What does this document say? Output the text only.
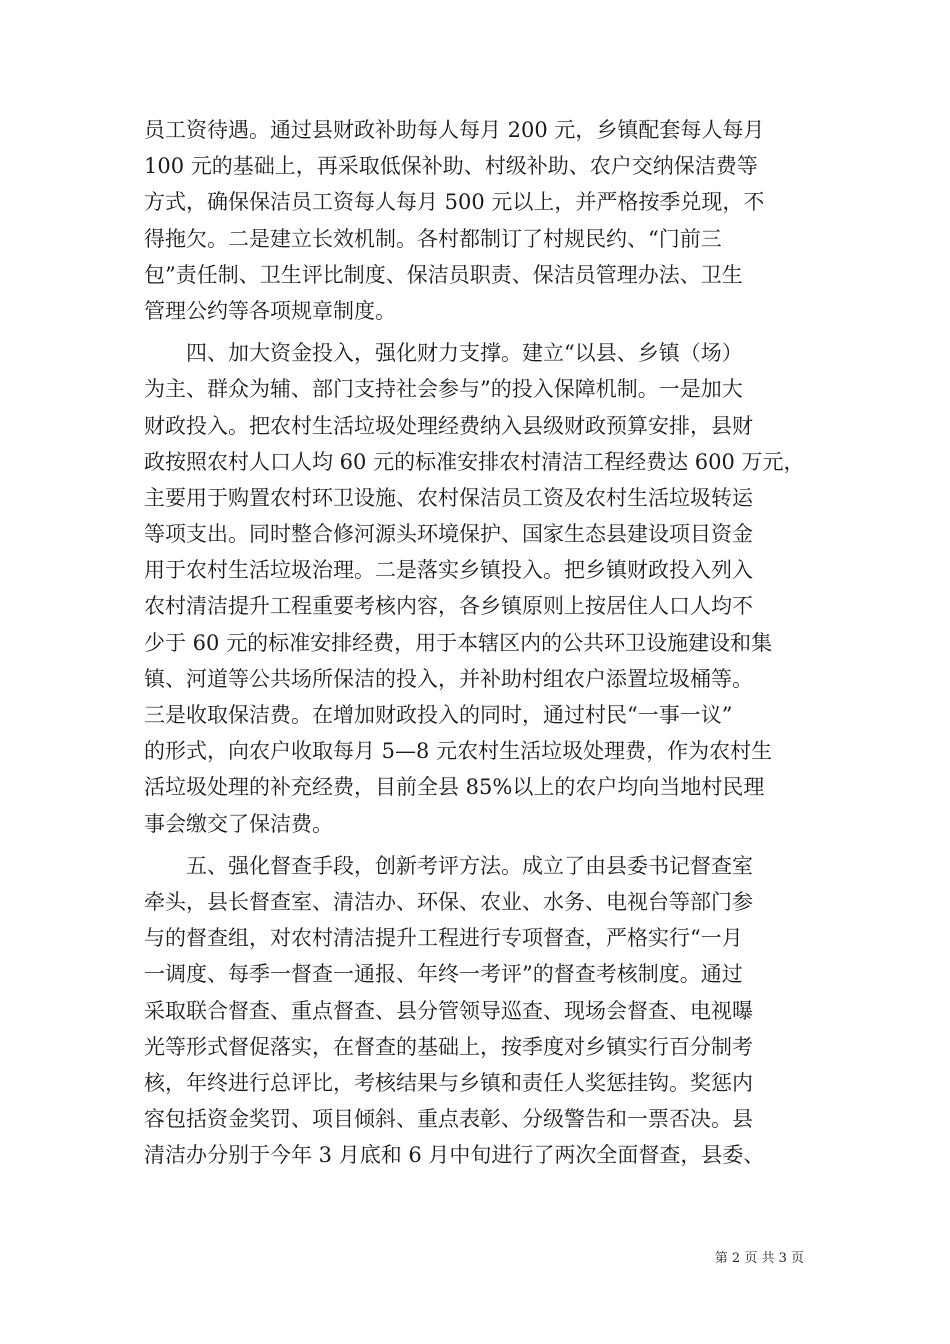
员工资待遇。通过县财政补助每人每月 200 元，乡镇配套每人每月
100 元的基础上，再采取低保补助、村级补助、农户交纳保洁费等
方式，确保保洁员工资每人每月 500 元以上，并严格按季兑现，不
得拖欠。二是建立长效机制。各村都制订了村规民约、“门前三
包”责任制、卫生评比制度、保洁员职责、保洁员管理办法、卫生
管理公约等各项规章制度。
　　四、加大资金投入，强化财力支撑。建立“以县、乡镇（场）
为主、群众为辅、部门支持社会参与”的投入保障机制。一是加大
财政投入。把农村生活垃圾处理经费纳入县级财政预算安排，县财
政按照农村人口人均 60 元的标准安排农村清洁工程经费达 600 万元，
主要用于购置农村环卫设施、农村保洁员工资及农村生活垃圾转运
等项支出。同时整合修河源头环境保护、国家生态县建设项目资金
用于农村生活垃圾治理。二是落实乡镇投入。把乡镇财政投入列入
农村清洁提升工程重要考核内容，各乡镇原则上按居住人口人均不
少于 60 元的标准安排经费，用于本辖区内的公共环卫设施建设和集
镇、河道等公共场所保洁的投入，并补助村组农户添置垃圾桶等。
三是收取保洁费。在增加财政投入的同时，通过村民“一事一议”
的形式，向农户收取每月 5—8 元农村生活垃圾处理费，作为农村生
活垃圾处理的补充经费，目前全县 85%以上的农户均向当地村民理
事会缴交了保洁费。
　　五、强化督查手段，创新考评方法。成立了由县委书记督查室
牵头，县长督查室、清洁办、环保、农业、水务、电视台等部门参
与的督查组，对农村清洁提升工程进行专项督查，严格实行“一月
一调度、每季一督查一通报、年终一考评”的督查考核制度。通过
采取联合督查、重点督查、县分管领导巡查、现场会督查、电视曝
光等形式督促落实，在督查的基础上，按季度对乡镇实行百分制考
核，年终进行总评比，考核结果与乡镇和责任人奖惩挂钩。奖惩内
容包括资金奖罚、项目倾斜、重点表彰、分级警告和一票否决。县
清洁办分别于今年 3 月底和 6 月中旬进行了两次全面督查，县委、
第 2 页 共 3 页
